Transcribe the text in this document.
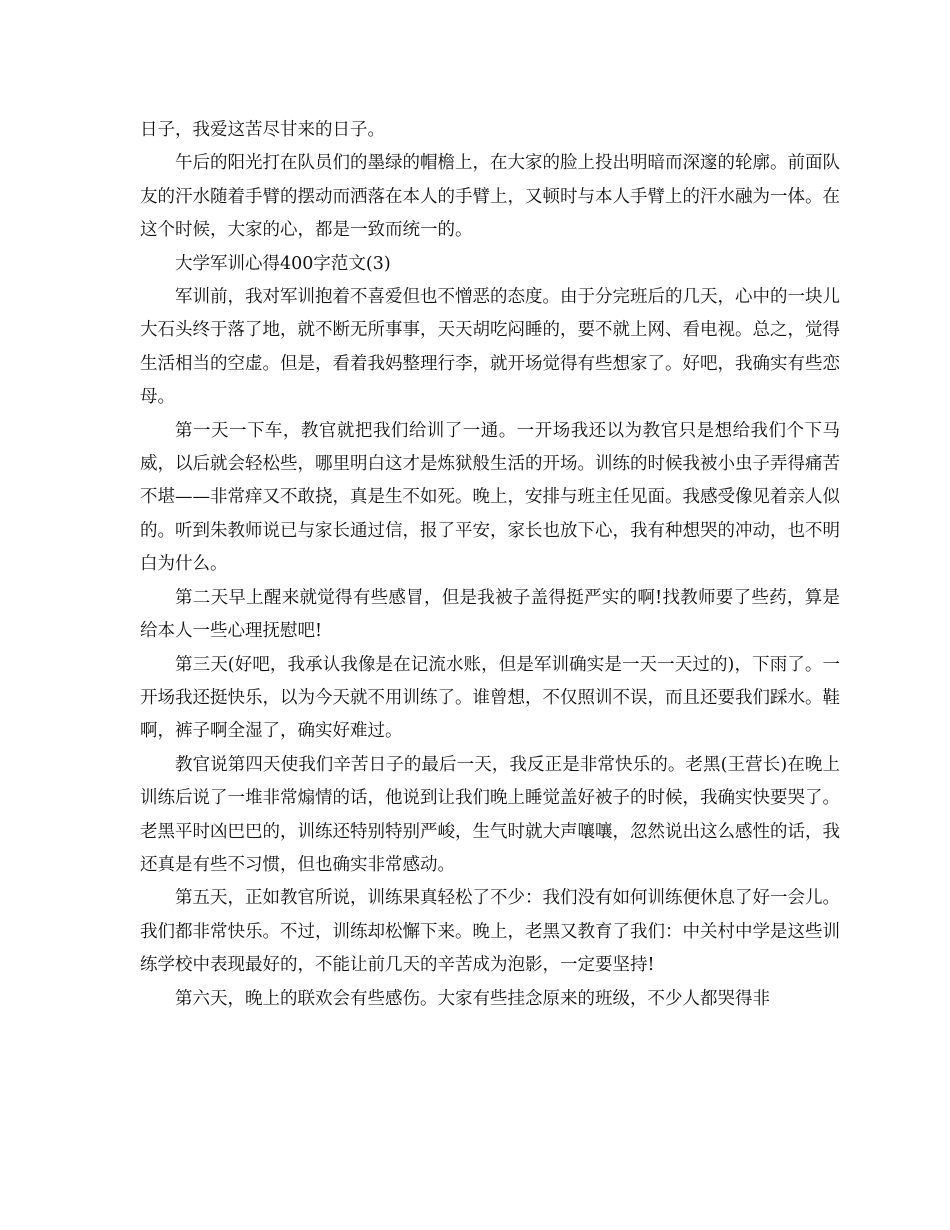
日子，我爱这苦尽甘来的日子。

午后的阳光打在队员们的墨绿的帽檐上，在大家的脸上投出明暗而深邃的轮廓。前面队友的汗水随着手臂的摆动而洒落在本人的手臂上，又顿时与本人手臂上的汗水融为一体。在这个时候，大家的心，都是一致而统一的。

大学军训心得400字范文(3)

军训前，我对军训抱着不喜爱但也不憎恶的态度。由于分完班后的几天，心中的一块儿大石头终于落了地，就不断无所事事，天天胡吃闷睡的，要不就上网、看电视。总之，觉得生活相当的空虚。但是，看着我妈整理行李，就开场觉得有些想家了。好吧，我确实有些恋母。

第一天一下车，教官就把我们给训了一通。一开场我还以为教官只是想给我们个下马威，以后就会轻松些，哪里明白这才是炼狱般生活的开场。训练的时候我被小虫子弄得痛苦不堪——非常痒又不敢挠，真是生不如死。晚上，安排与班主任见面。我感受像见着亲人似的。听到朱教师说已与家长通过信，报了平安，家长也放下心，我有种想哭的冲动，也不明白为什么。

第二天早上醒来就觉得有些感冒，但是我被子盖得挺严实的啊!找教师要了些药，算是给本人一些心理抚慰吧!

第三天(好吧，我承认我像是在记流水账，但是军训确实是一天一天过的)，下雨了。一开场我还挺快乐，以为今天就不用训练了。谁曾想，不仅照训不误，而且还要我们踩水。鞋啊，裤子啊全湿了，确实好难过。

教官说第四天使我们辛苦日子的最后一天，我反正是非常快乐的。老黑(王营长)在晚上训练后说了一堆非常煽情的话，他说到让我们晚上睡觉盖好被子的时候，我确实快要哭了。老黑平时凶巴巴的，训练还特别特别严峻，生气时就大声嚷嚷，忽然说出这么感性的话，我还真是有些不习惯，但也确实非常感动。

第五天，正如教官所说，训练果真轻松了不少：我们没有如何训练便休息了好一会儿。我们都非常快乐。不过，训练却松懈下来。晚上，老黑又教育了我们：中关村中学是这些训练学校中表现最好的，不能让前几天的辛苦成为泡影，一定要坚持!

第六天，晚上的联欢会有些感伤。大家有些挂念原来的班级，不少人都哭得非
